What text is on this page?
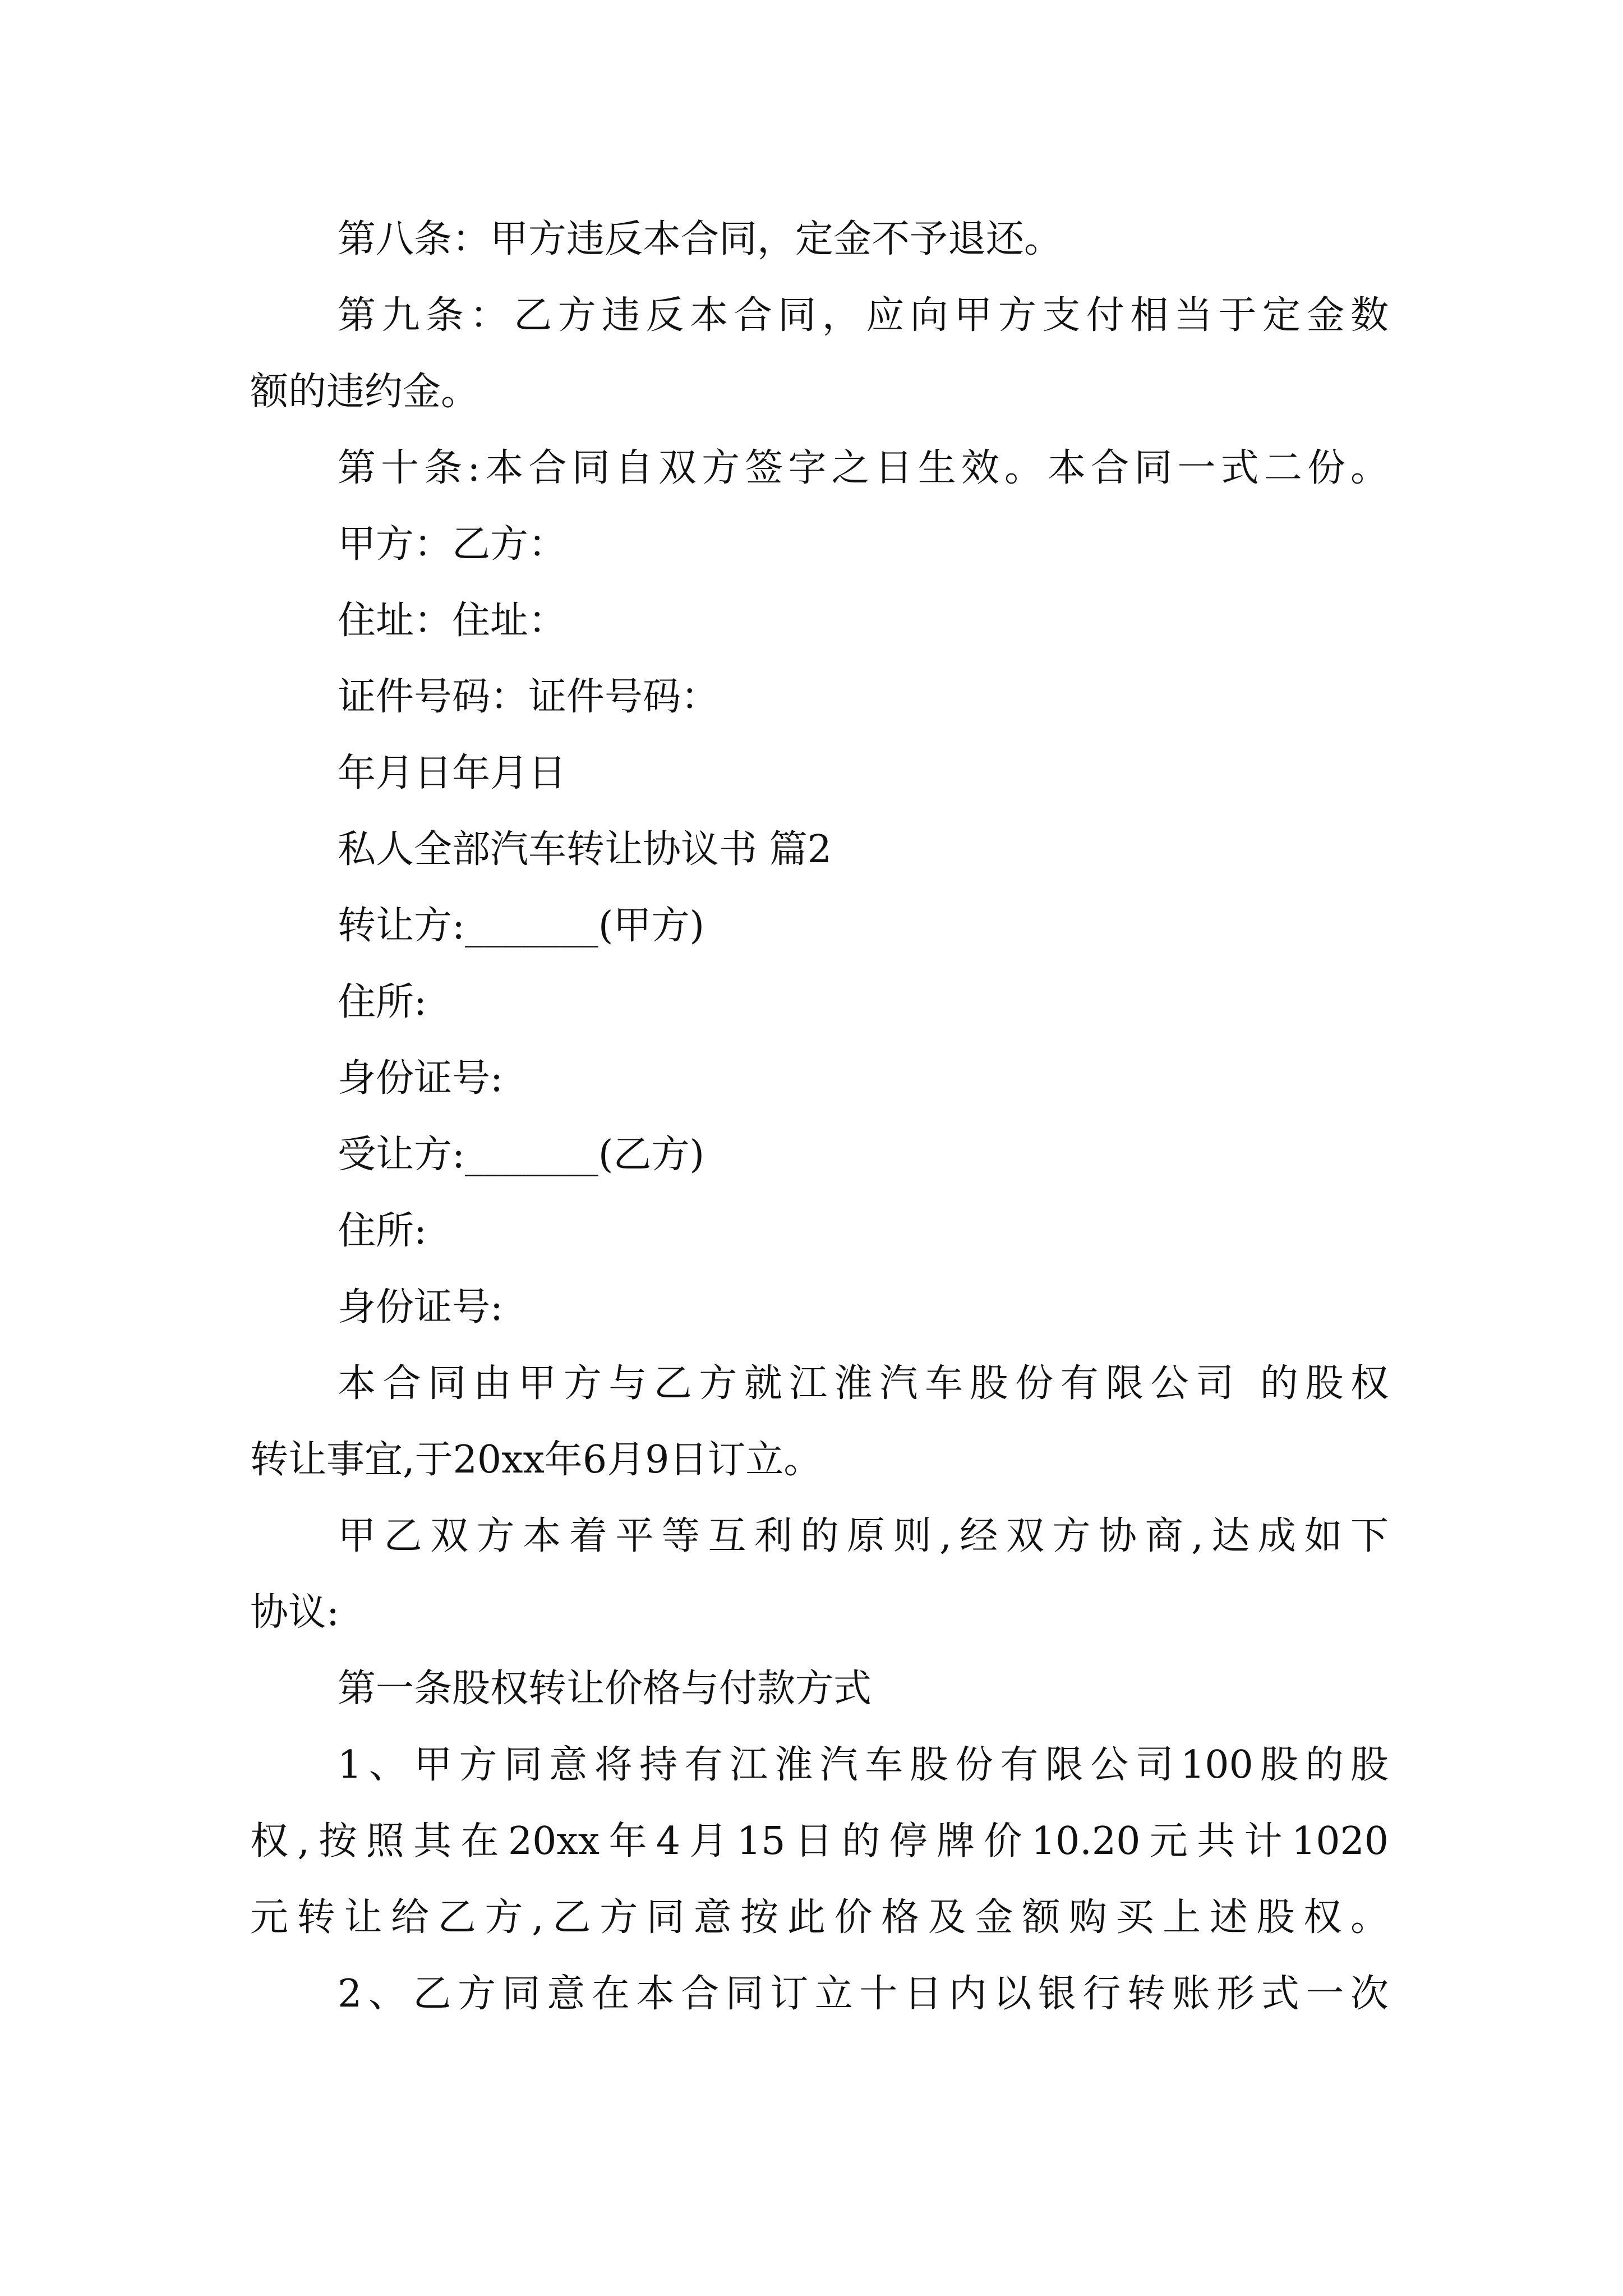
第八条：甲方违反本合同，定金不予退还。
第九条：乙方违反本合同，应向甲方支付相当于定金数
额的违约金。
第十条:本合同自双方签字之日生效。本合同一式二份。
甲方：乙方：
住址：住址：
证件号码：证件号码：
年月日年月日
私人全部汽车转让协议书 篇2
转让方:_______(甲方)
住所:
身份证号:
受让方:_______(乙方)
住所:
身份证号:
本合同由甲方与乙方就江淮汽车股份有限公司 的股权
转让事宜,于20xx年6月9日订立。
甲乙双方本着平等互利的原则,经双方协商,达成如下
协议:
第一条股权转让价格与付款方式
1、甲方同意将持有江淮汽车股份有限公司100股的股
权,按照其在20xx年4月15日的停牌价10.20元共计1020
元转让给乙方,乙方同意按此价格及金额购买上述股权。
2、乙方同意在本合同订立十日内以银行转账形式一次
